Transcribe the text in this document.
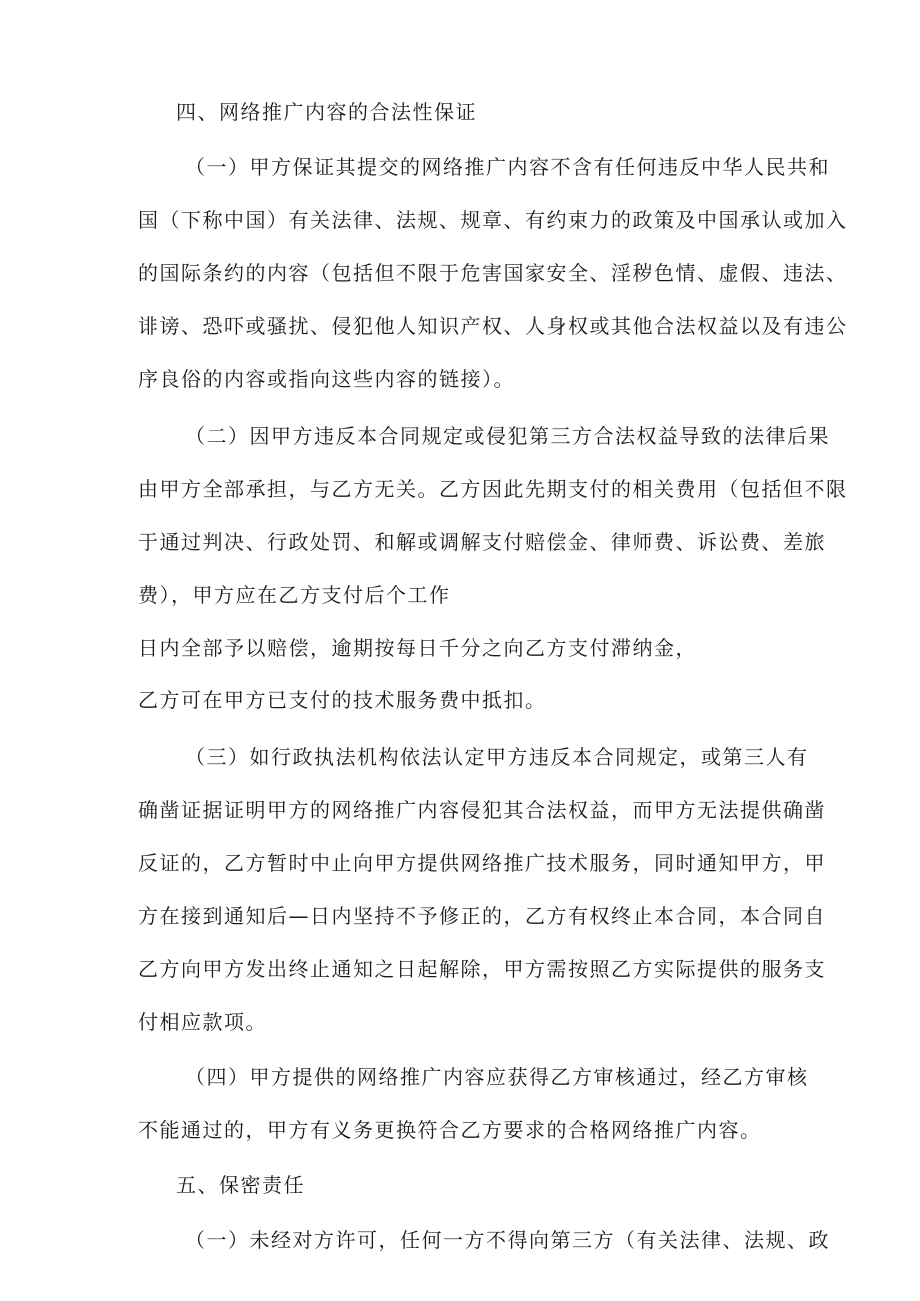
四、网络推广内容的合法性保证

（一）甲方保证其提交的网络推广内容不含有任何违反中华人民共和

国（下称中国）有关法律、法规、规章、有约束力的政策及中国承认或加入

的国际条约的内容（包括但不限于危害国家安全、淫秽色情、虚假、违法、

诽谤、恐吓或骚扰、侵犯他人知识产权、人身权或其他合法权益以及有违公

序良俗的内容或指向这些内容的链接）。

（二）因甲方违反本合同规定或侵犯第三方合法权益导致的法律后果

由甲方全部承担，与乙方无关。乙方因此先期支付的相关费用（包括但不限

于通过判决、行政处罚、和解或调解支付赔偿金、律师费、诉讼费、差旅

费），甲方应在乙方支付后个工作

日内全部予以赔偿，逾期按每日千分之向乙方支付滞纳金，

乙方可在甲方已支付的技术服务费中抵扣。

（三）如行政执法机构依法认定甲方违反本合同规定，或第三人有

确凿证据证明甲方的网络推广内容侵犯其合法权益，而甲方无法提供确凿

反证的，乙方暂时中止向甲方提供网络推广技术服务，同时通知甲方，甲

方在接到通知后—日内坚持不予修正的，乙方有权终止本合同，本合同自

乙方向甲方发出终止通知之日起解除，甲方需按照乙方实际提供的服务支

付相应款项。

（四）甲方提供的网络推广内容应获得乙方审核通过，经乙方审核

不能通过的，甲方有义务更换符合乙方要求的合格网络推广内容。

五、保密责任

（一）未经对方许可，任何一方不得向第三方（有关法律、法规、政
